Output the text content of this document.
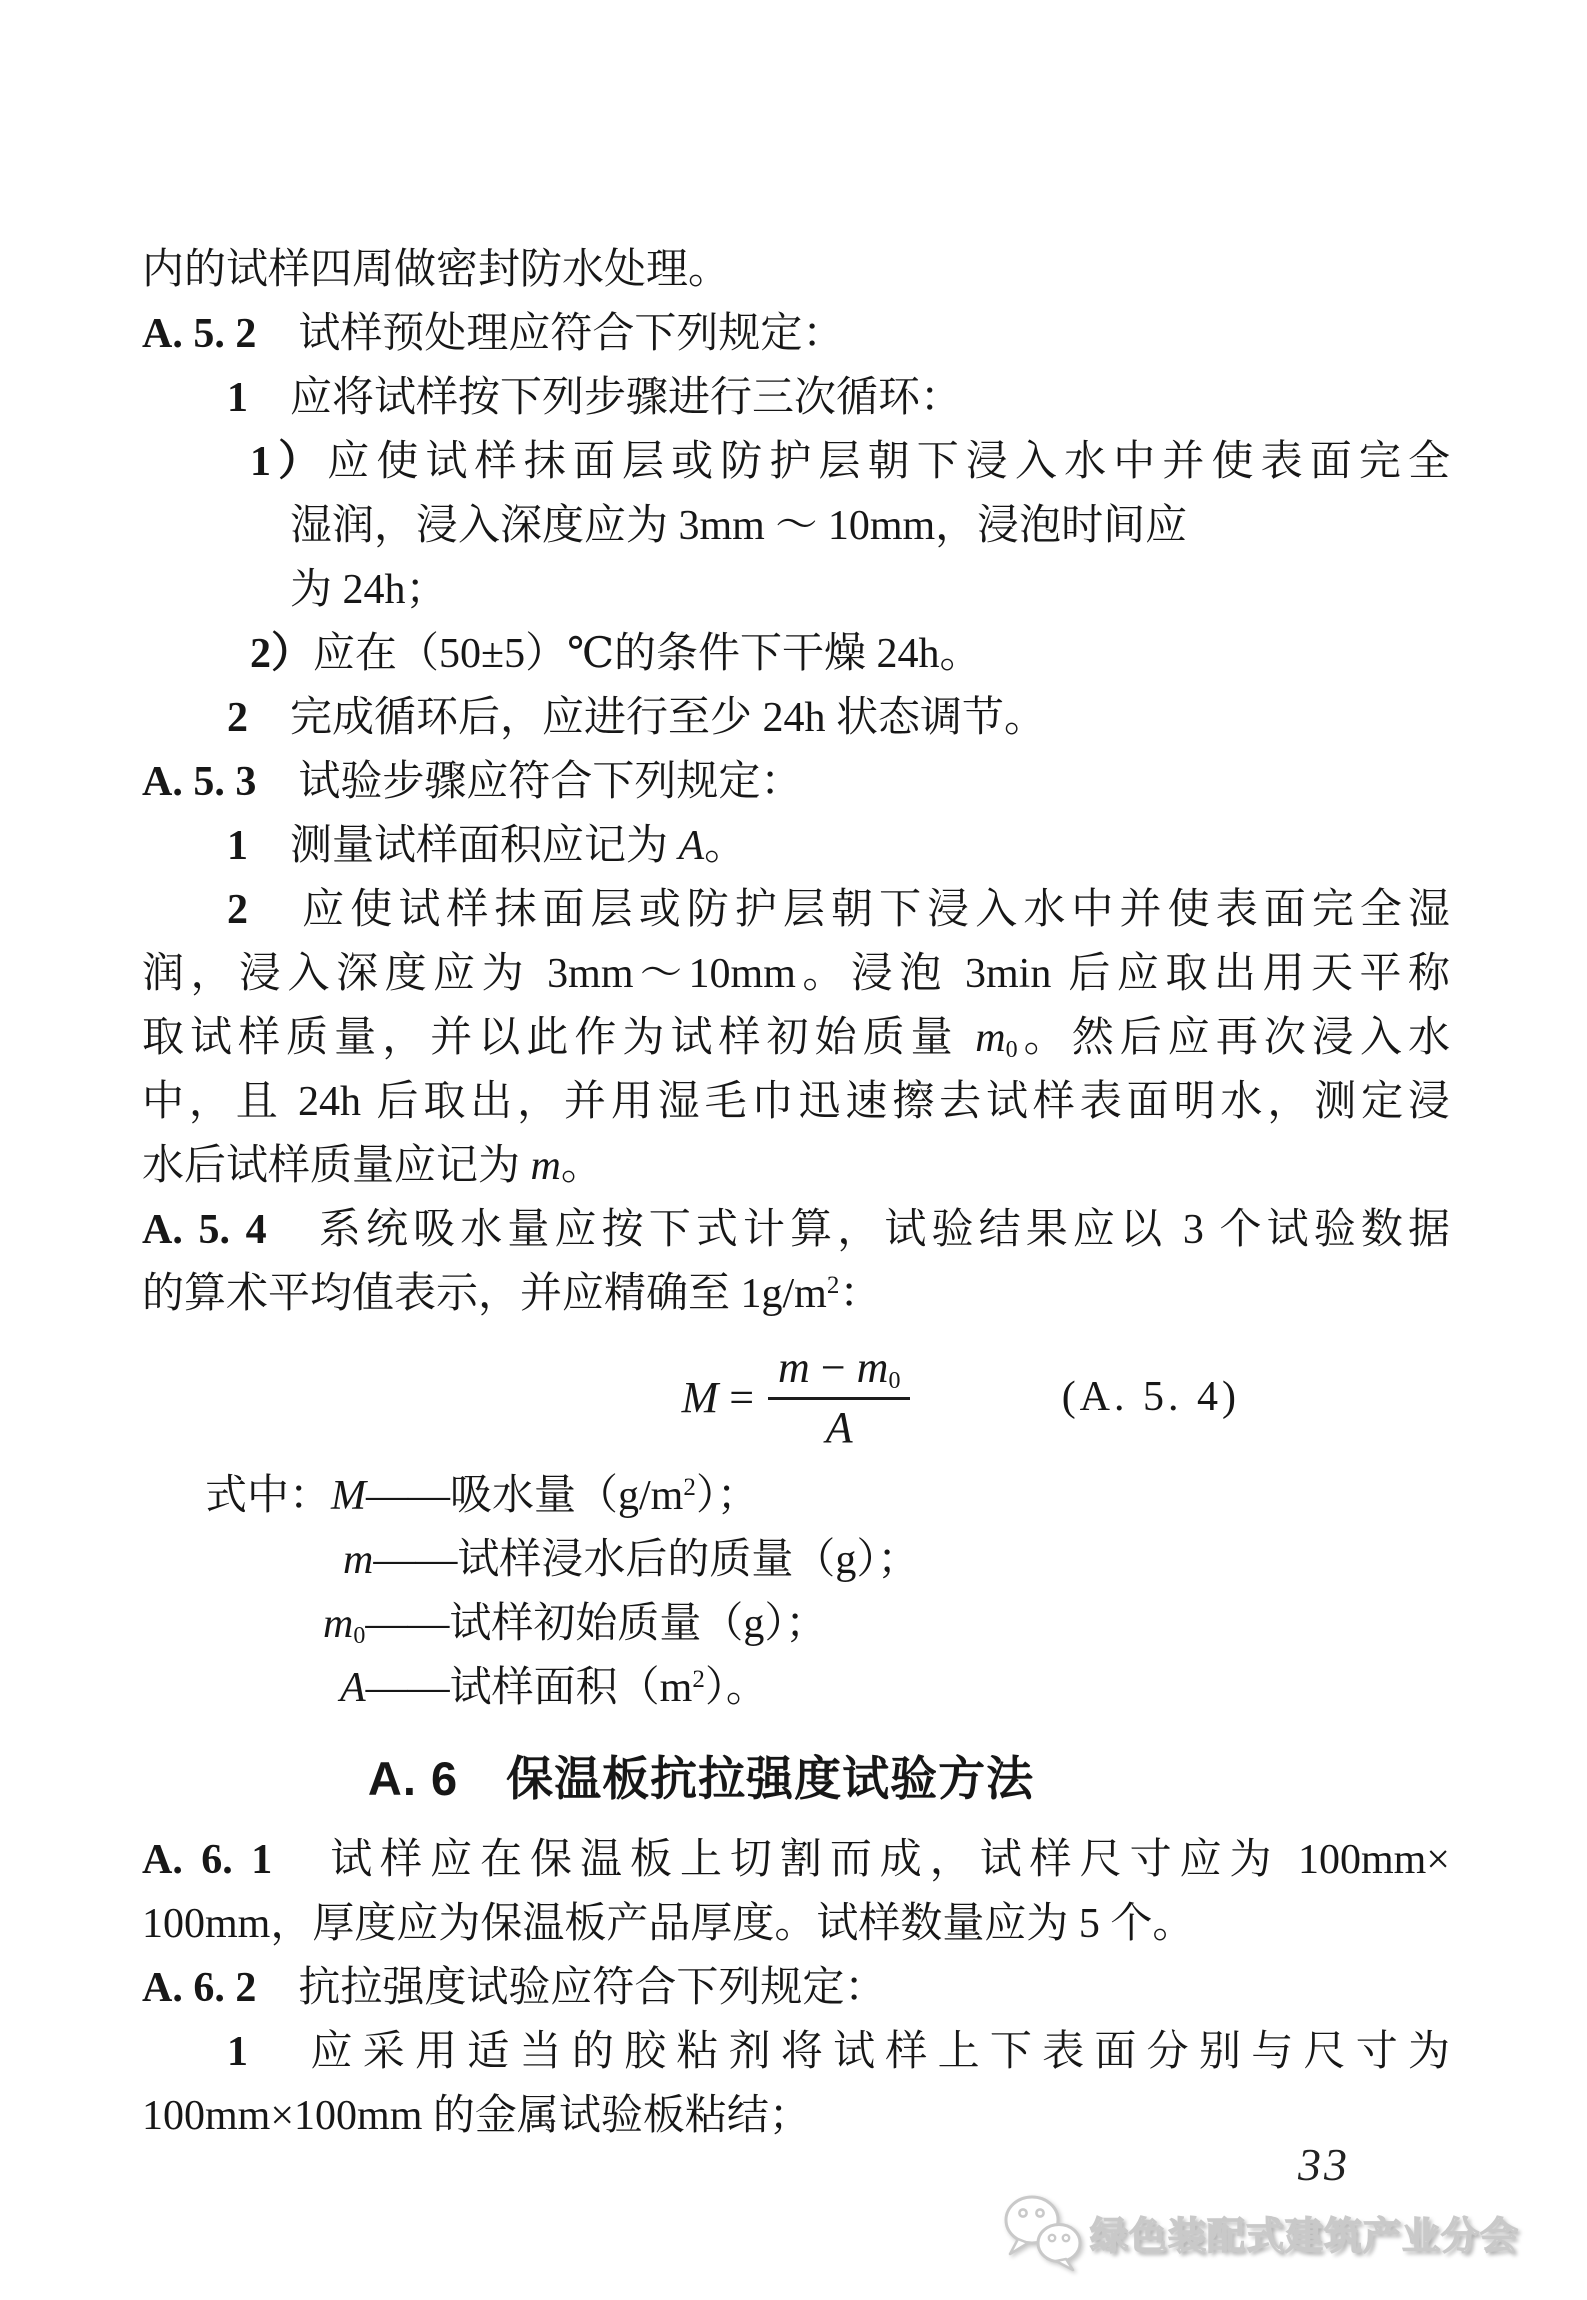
内的试样四周做密封防水处理。
A. 5. 2　试样预处理应符合下列规定：
1　应将试样按下列步骤进行三次循环：
1）应使试样抹面层或防护层朝下浸入水中并使表面完全
湿润，浸入深度应为 3mm ～ 10mm，浸泡时间应
为 24h；
2）应在（50±5）℃的条件下干燥 24h。
2　完成循环后，应进行至少 24h 状态调节。
A. 5. 3　试验步骤应符合下列规定：
1　测量试样面积应记为 A。
2　应使试样抹面层或防护层朝下浸入水中并使表面完全湿
润，浸入深度应为 3mm～10mm。浸泡 3min 后应取出用天平称
取试样质量，并以此作为试样初始质量 $m_0$。然后应再次浸入水
中，且 24h 后取出，并用湿毛巾迅速擦去试样表面明水，测定浸
水后试样质量应记为 m。
A. 5. 4　系统吸水量应按下式计算，试验结果应以 3 个试验数据
的算术平均值表示，并应精确至 $1g/m^2$：
$M = \frac{m - m_0}{A}$	(A. 5. 4)
式中：M——吸水量$(g/m^2)$；
m——试样浸水后的质量（g）；
$m_0——$试样初始质量（g）；
A——试样面积$(m^2)$。
A. 6　保温板抗拉强度试验方法
A. 6. 1　试样应在保温板上切割而成，试样尺寸应为 100mm×
100mm，厚度应为保温板产品厚度。试样数量应为 5 个。
A. 6. 2　抗拉强度试验应符合下列规定：
1　应采用适当的胶粘剂将试样上下表面分别与尺寸为
100mm×100mm 的金属试验板粘结；
33
绿色装配式建筑产业分会
